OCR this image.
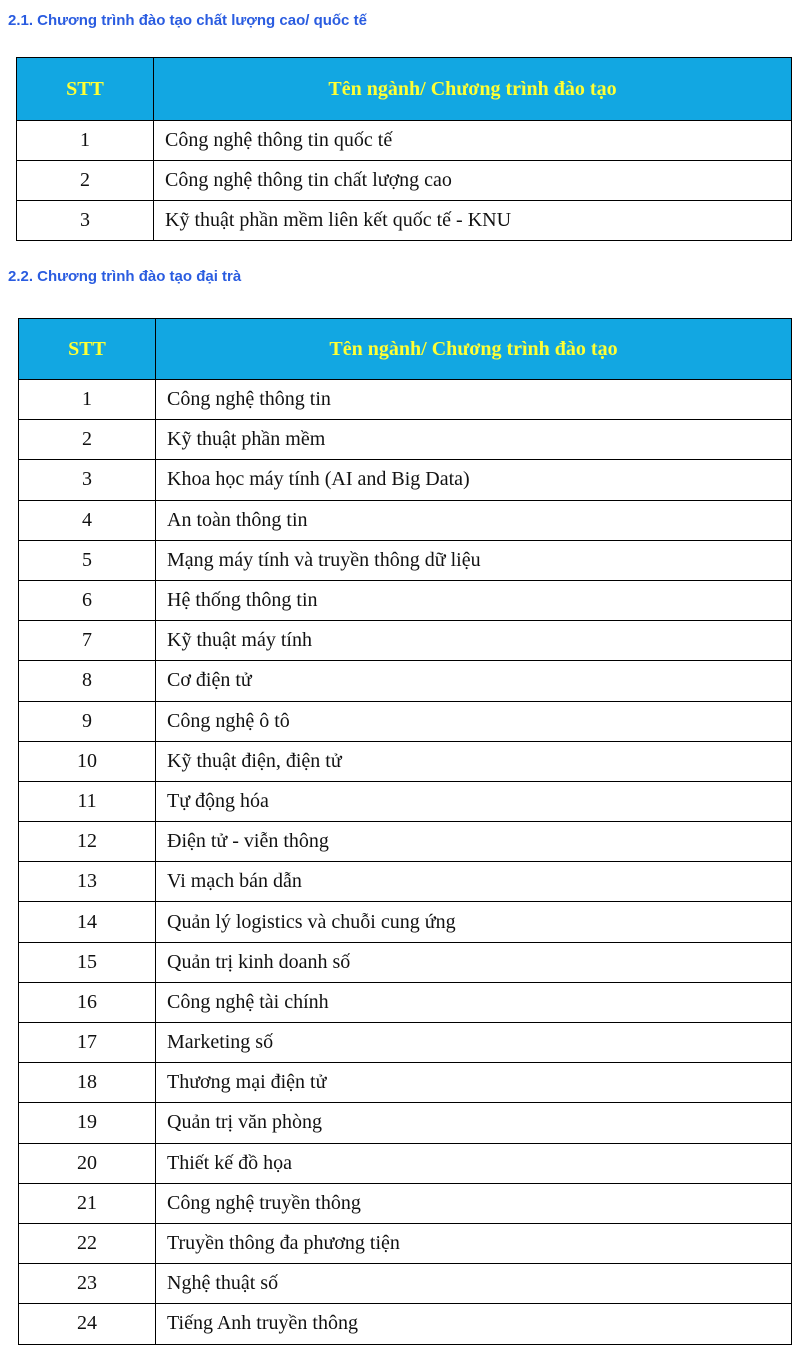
2.1. Chương trình đào tạo chất lượng cao/ quốc tế
STT	Tên ngành/ Chương trình đào tạo
1	Công nghệ thông tin quốc tế
2	Công nghệ thông tin chất lượng cao
3	Kỹ thuật phần mềm liên kết quốc tế - KNU
2.2. Chương trình đào tạo đại trà
STT	Tên ngành/ Chương trình đào tạo
1	Công nghệ thông tin
2	Kỹ thuật phần mềm
3	Khoa học máy tính (AI and Big Data)
4	An toàn thông tin
5	Mạng máy tính và truyền thông dữ liệu
6	Hệ thống thông tin
7	Kỹ thuật máy tính
8	Cơ điện tử
9	Công nghệ ô tô
10	Kỹ thuật điện, điện tử
11	Tự động hóa
12	Điện tử - viễn thông
13	Vi mạch bán dẫn
14	Quản lý logistics và chuỗi cung ứng
15	Quản trị kinh doanh số
16	Công nghệ tài chính
17	Marketing số
18	Thương mại điện tử
19	Quản trị văn phòng
20	Thiết kế đồ họa
21	Công nghệ truyền thông
22	Truyền thông đa phương tiện
23	Nghệ thuật số
24	Tiếng Anh truyền thông
